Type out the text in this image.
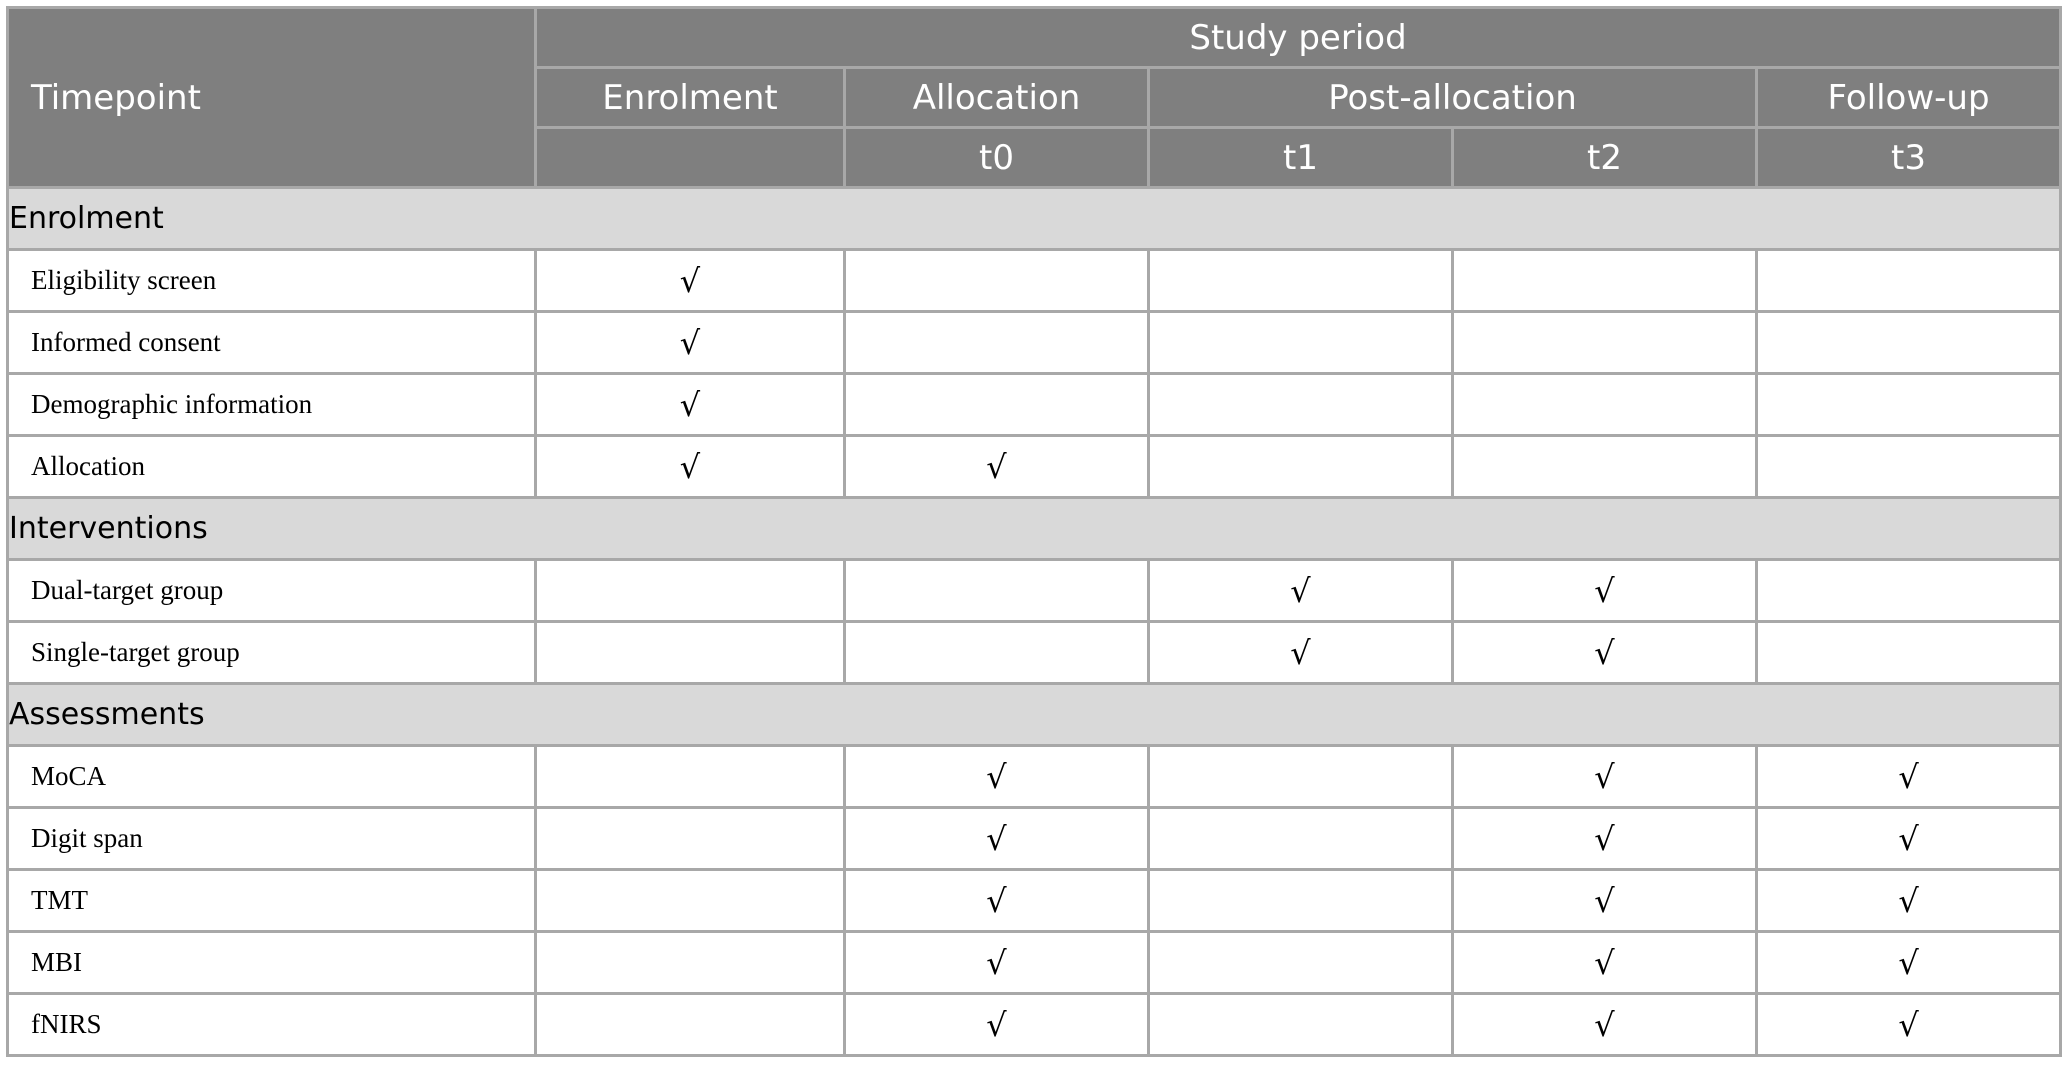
Timepoint	Study period				
	Enrolment	Allocation	Post-allocation		Follow-up
		t0	t1	t2	t3
Enrolment					
Eligibility screen	√				
Informed consent	√				
Demographic information	√				
Allocation	√	√			
Interventions					
Dual-target group			√	√	
Single-target group			√	√	
Assessments					
MoCA		√		√	√
Digit span		√		√	√
TMT		√		√	√
MBI		√		√	√
fNIRS		√		√	√
